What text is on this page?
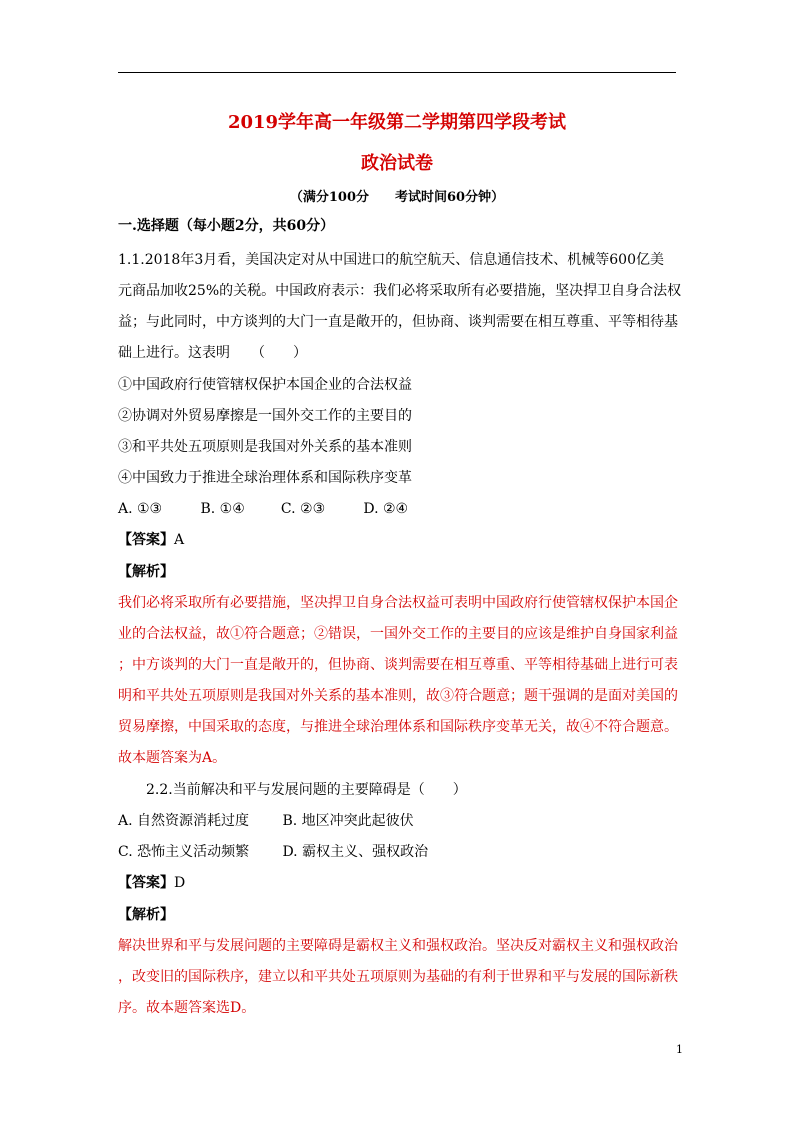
2019学年高一年级第二学期第四学段考试
政治试卷
（满分100分　　考试时间60分钟）
一.选择题（每小题2分，共60分）
1.1.2018年3月看，美国决定对从中国进口的航空航天、信息通信技术、机械等600亿美
元商品加收25%的关税。中国政府表示：我们必将采取所有必要措施，坚决捍卫自身合法权
益；与此同时，中方谈判的大门一直是敞开的，但协商、谈判需要在相互尊重、平等相待基
础上进行。这表明　　（　　）
①中国政府行使管辖权保护本国企业的合法权益
②协调对外贸易摩擦是一国外交工作的主要目的
③和平共处五项原则是我国对外关系的基本准则
④中国致力于推进全球治理体系和国际秩序变革
A. ①③	B. ①④	C. ②③	D. ②④
【答案】A
【解析】
我们必将采取所有必要措施，坚决捍卫自身合法权益可表明中国政府行使管辖权保护本国企
业的合法权益，故①符合题意；②错误，一国外交工作的主要目的应该是维护自身国家利益
；中方谈判的大门一直是敞开的，但协商、谈判需要在相互尊重、平等相待基础上进行可表
明和平共处五项原则是我国对外关系的基本准则，故③符合题意；题干强调的是面对美国的
贸易摩擦，中国采取的态度，与推进全球治理体系和国际秩序变革无关，故④不符合题意。
故本题答案为A。
2.2.当前解决和平与发展问题的主要障碍是（　　）
A. 自然资源消耗过度 B. 地区冲突此起彼伏
C. 恐怖主义活动频繁 D. 霸权主义、强权政治
【答案】D
【解析】
解决世界和平与发展问题的主要障碍是霸权主义和强权政治。坚决反对霸权主义和强权政治
，改变旧的国际秩序，建立以和平共处五项原则为基础的有利于世界和平与发展的国际新秩
序。故本题答案选D。
1
